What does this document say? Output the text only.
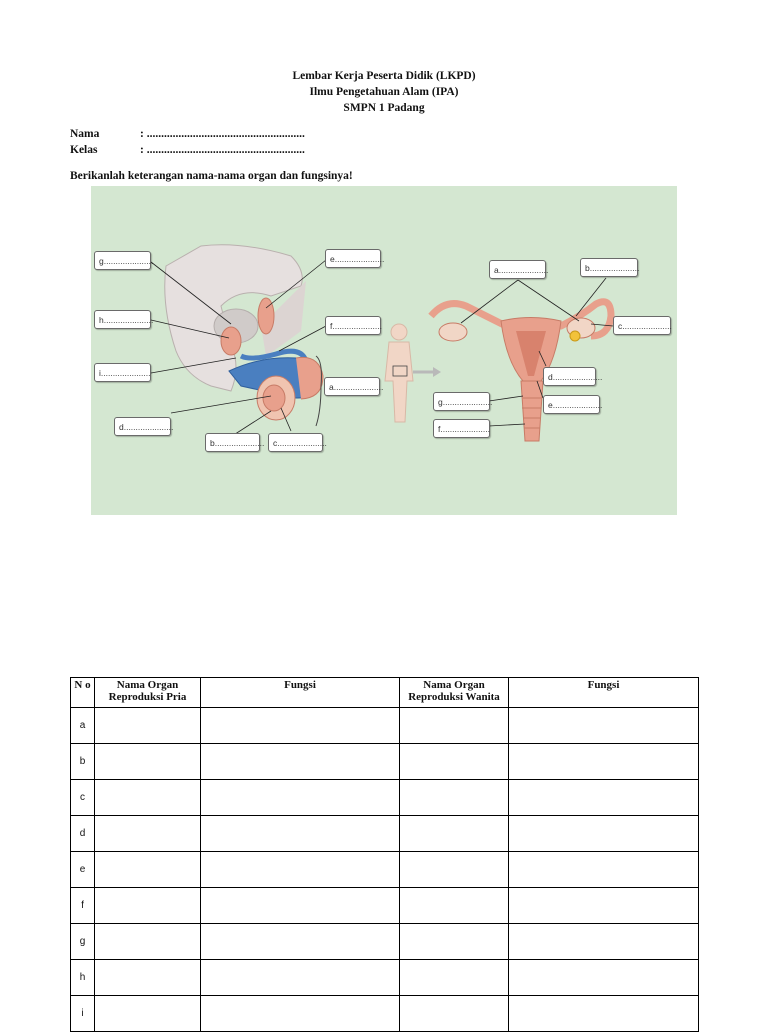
Lembar Kerja Peserta Didik (LKPD)
Ilmu Pengetahuan Alam (IPA)
SMPN 1 Padang
Nama	: .......................................................
Kelas	: .......................................................
Berikanlah keterangan nama-nama organ dan fungsinya!
g.....................
h.....................
i.....................
d.....................
b.....................	c.....................
e.....................
f.....................
a.....................
a.....................	b.....................
c.....................
d.....................
e.....................
g.....................
f.....................
N o	Nama Organ Reproduksi Pria	Fungsi	Nama Organ Reproduksi Wanita	Fungsi
a				
b				
c				
d				
e				
f				
g				
h				
i				
